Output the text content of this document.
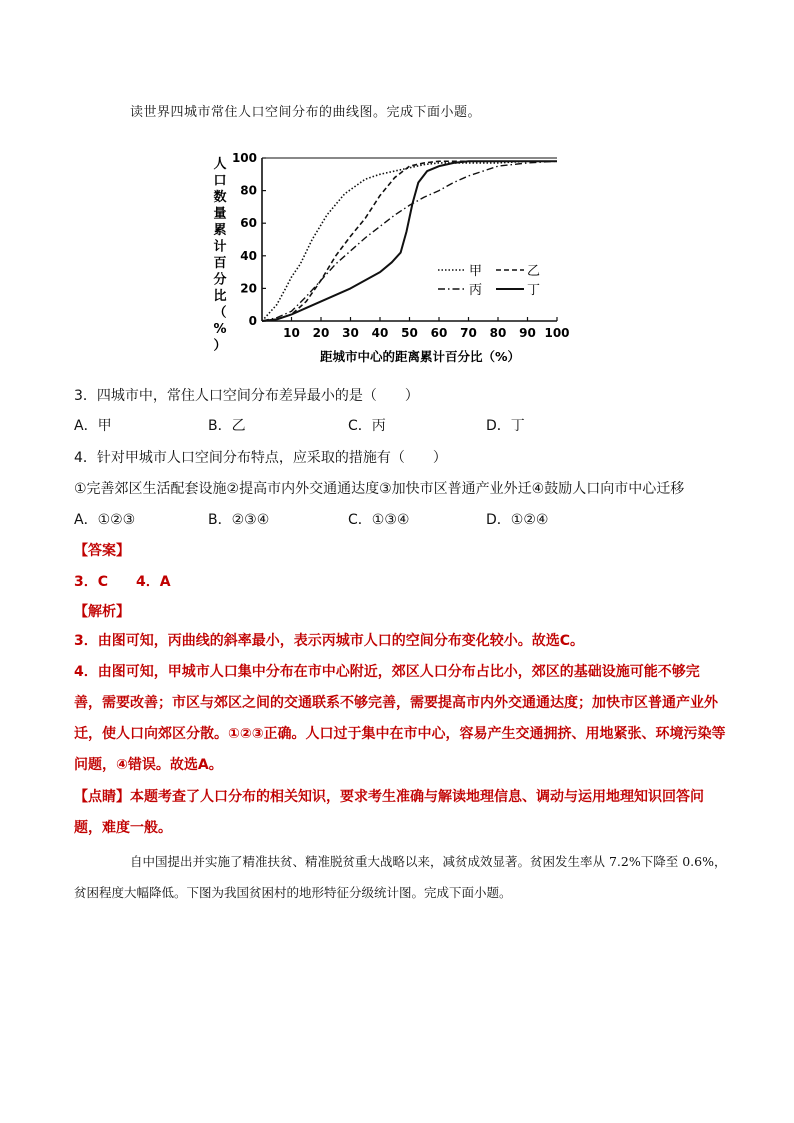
读世界四城市常住人口空间分布的曲线图。完成下面小题。
人
口
数
量
累
计
百
分
比
（
%
）
10 20 30 40 50 60 70 80 90 100
0
20
40
60
80
100
甲	乙
丙	丁
距城市中心的距离累计百分比（%）
3．四城市中，常住人口空间分布差异最小的是（　　）
A．甲	B．乙	C．丙	D．丁
4．针对甲城市人口空间分布特点，应采取的措施有（　　）
①完善郊区生活配套设施②提高市内外交通通达度③加快市区普通产业外迁④鼓励人口向市中心迁移
A．①②③	B．②③④	C．①③④	D．①②④
【答案】
3．C　　4．A
【解析】

3．由图可知，丙曲线的斜率最小，表示丙城市人口的空间分布变化较小。故选C。

4．由图可知，甲城市人口集中分布在市中心附近，郊区人口分布占比小，郊区的基础设施可能不够完善，需要改善；市区与郊区之间的交通联系不够完善，需要提高市内外交通通达度；加快市区普通产业外迁，使人口向郊区分散。①②③正确。人口过于集中在市中心，容易产生交通拥挤、用地紧张、环境污染等问题，④错误。故选A。

【点睛】本题考查了人口分布的相关知识，要求考生准确与解读地理信息、调动与运用地理知识回答问题，难度一般。

自中国提出并实施了精准扶贫、精准脱贫重大战略以来，减贫成效显著。贫困发生率从 7.2%下降至 0.6%，贫困程度大幅降低。下图为我国贫困村的地形特征分级统计图。完成下面小题。
